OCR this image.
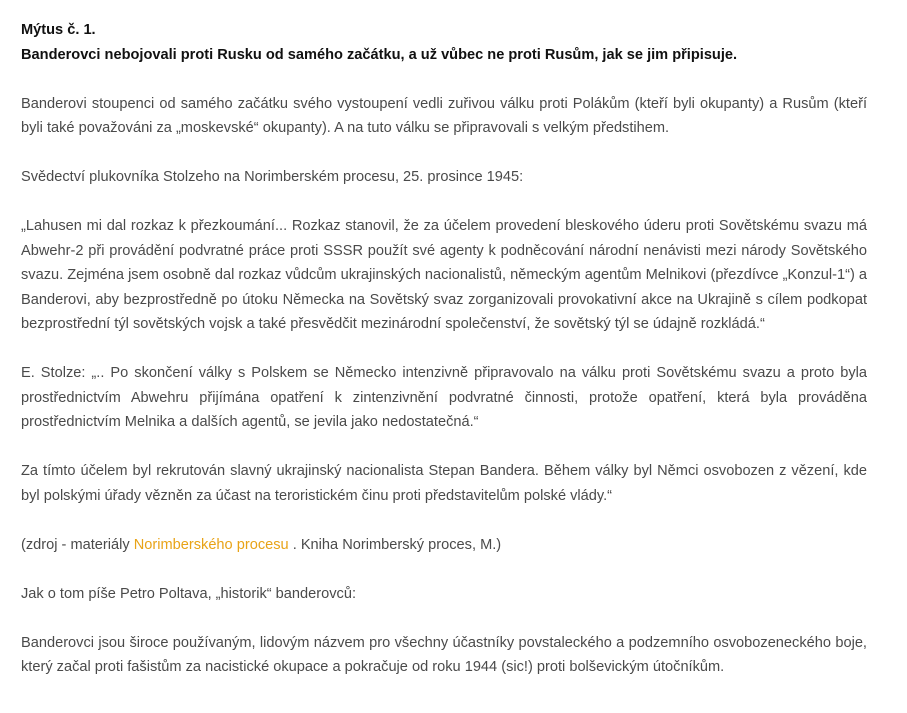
Mýtus č. 1.

Banderovci nebojovali proti Rusku od samého začátku, a už vůbec ne proti Rusům, jak se jim připisuje.

Banderovi stoupenci od samého začátku svého vystoupení vedli zuřivou válku proti Polákům (kteří byli okupanty) a Rusům (kteří byli také považováni za „moskevské“ okupanty). A na tuto válku se připravovali s velkým předstihem.

Svědectví plukovníka Stolzeho na Norimberském procesu, 25. prosince 1945:

„Lahusen mi dal rozkaz k přezkoumání... Rozkaz stanovil, že za účelem provedení bleskového úderu proti Sovětskému svazu má Abwehr-2 při provádění podvratné práce proti SSSR použít své agenty k podněcování národní nenávisti mezi národy Sovětského svazu. Zejména jsem osobně dal rozkaz vůdcům ukrajinských nacionalistů, německým agentům Melnikovi (přezdívce „Konzul-1“) a Banderovi, aby bezprostředně po útoku Německa na Sovětský svaz zorganizovali provokativní akce na Ukrajině s cílem podkopat bezprostřední týl sovětských vojsk a také přesvědčit mezinárodní společenství, že sovětský týl se údajně rozkládá.“

E. Stolze: „.. Po skončení války s Polskem se Německo intenzivně připravovalo na válku proti Sovětskému svazu a proto byla prostřednictvím Abwehru přijímána opatření k zintenzivnění podvratné činnosti, protože opatření, která byla prováděna prostřednictvím Melnika a dalších agentů, se jevila jako nedostatečná.“

Za tímto účelem byl rekrutován slavný ukrajinský nacionalista Stepan Bandera. Během války byl Němci osvobozen z vězení, kde byl polskými úřady vězněn za účast na teroristickém činu proti představitelům polské vlády.“

(zdroj - materiály Norimberského procesu . Kniha Norimberský proces, M.)

Jak o tom píše Petro Poltava, „historik“ banderovců:

Banderovci jsou široce používaným, lidovým názvem pro všechny účastníky povstaleckého a podzemního osvobozeneckého boje, který začal proti fašistům za nacistické okupace a pokračuje od roku 1944 (sic!) proti bolševickým útočníkům.
